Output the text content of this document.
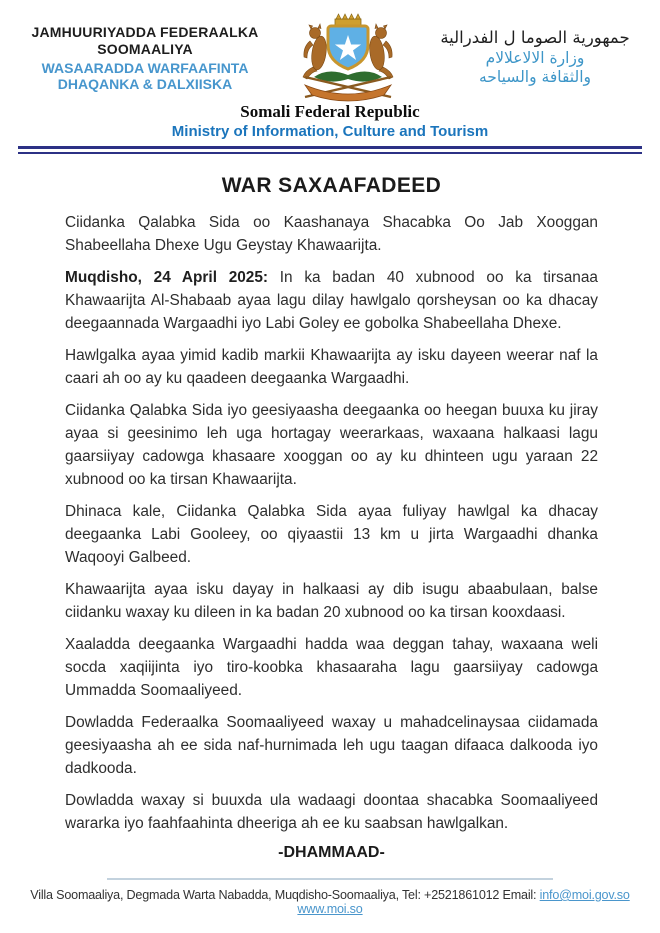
JAMHUURIYADDA FEDERAALKA SOOMAALIYA
WASAARADDA WARFAAFINTA DHAQANKA & DALXIISKA
جمهورية الصوما ل الفدرالية
وزارة الالاعلالام
والثقافة والسياحه
Somali Federal Republic
Ministry of Information, Culture and Tourism
WAR SAXAAFADEED

Ciidanka Qalabka Sida oo Kaashanaya Shacabka Oo Jab Xooggan Shabeellaha Dhexe Ugu Geystay Khawaarijta.

Muqdisho, 24 April 2025: In ka badan 40 xubnood oo ka tirsanaa Khawaarijta Al-Shabaab ayaa lagu dilay hawlgalo qorsheysan oo ka dhacay deegaannada Wargaadhi iyo Labi Goley ee gobolka Shabeellaha Dhexe.

Hawlgalka ayaa yimid kadib markii Khawaarijta ay isku dayeen weerar naf la caari ah oo ay ku qaadeen deegaanka Wargaadhi.

Ciidanka Qalabka Sida iyo geesiyaasha deegaanka oo heegan buuxa ku jiray ayaa si geesinimo leh uga hortagay weerarkaas, waxaana halkaasi lagu gaarsiiyay cadowga khasaare xooggan oo ay ku dhinteen ugu yaraan 22 xubnood oo ka tirsan Khawaarijta.

Dhinaca kale, Ciidanka Qalabka Sida ayaa fuliyay hawlgal ka dhacay deegaanka Labi Gooleey, oo qiyaastii 13 km u jirta Wargaadhi dhanka Waqooyi Galbeed.

Khawaarijta ayaa isku dayay in halkaasi ay dib isugu abaabulaan, balse ciidanku waxay ku dileen in ka badan 20 xubnood oo ka tirsan kooxdaasi.

Xaaladda deegaanka Wargaadhi hadda waa deggan tahay, waxaana weli socda xaqiijinta iyo tiro-koobka khasaaraha lagu gaarsiiyay cadowga Ummadda Soomaaliyeed.

Dowladda Federaalka Soomaaliyeed waxay u mahadcelinaysaa ciidamada geesiyaasha ah ee sida naf-hurnimada leh ugu taagan difaaca dalkooda iyo dadkooda.

Dowladda waxay si buuxda ula wadaagi doontaa shacabka Soomaaliyeed wararka iyo faahfaahinta dheeriga ah ee ku saabsan hawlgalkan.

-DHAMMAAD-
Villa Soomaaliya, Degmada Warta Nabadda, Muqdisho-Soomaaliya, Tel: +2521861012 Email: info@moi.gov.so www.moi.so
